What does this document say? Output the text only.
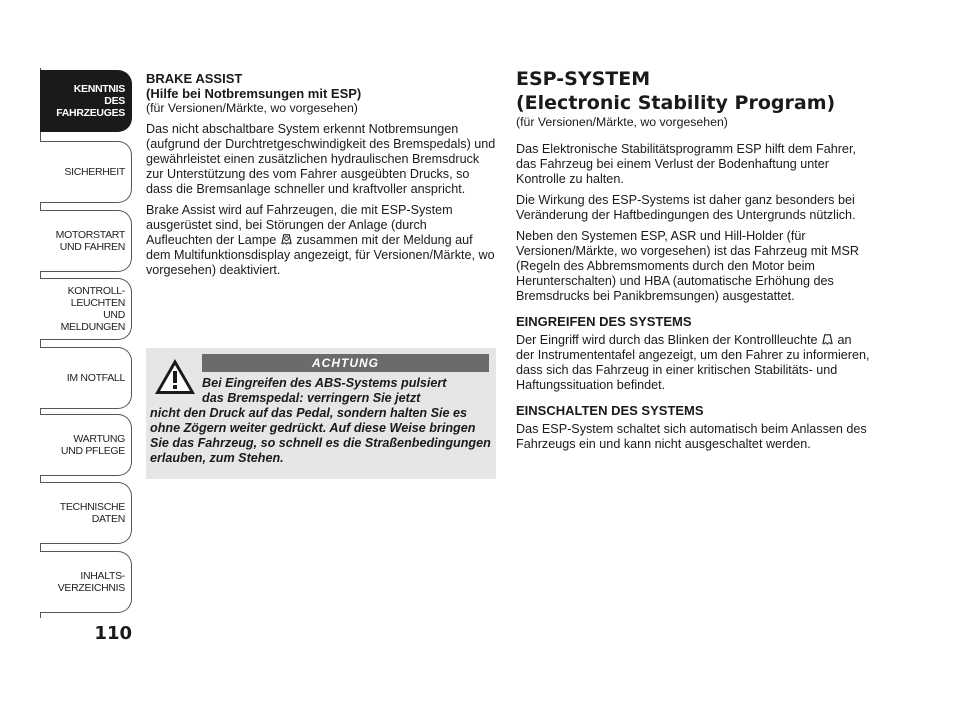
KENNTNIS
DES FAHRZEUGES
SICHERHEIT
MOTORSTART
UND FAHREN
KONTROLL-
LEUCHTEN
UND MELDUNGEN
IM NOTFALL
WARTUNG
UND PFLEGE
TECHNISCHE
DATEN
INHALTS-
VERZEICHNIS
110
BRAKE ASSIST
(Hilfe bei Notbremsungen mit ESP)

(für Versionen/Märkte, wo vorgesehen)

Das nicht abschaltbare System erkennt Notbremsungen (aufgrund der Durchtretgeschwindigkeit des Bremspedals) und gewährleistet einen zusätzlichen hydraulischen Bremsdruck zur Unterstützung des vom Fahrer ausgeübten Drucks, so dass die Bremsanlage schneller und kraftvoller anspricht.

Brake Assist wird auf Fahrzeugen, die mit ESP-System ausgerüstet sind, bei Störungen der Anlage (durch Aufleuchten der Lampe zusammen mit der Meldung auf dem Multifunktionsdisplay angezeigt, für Versionen/Märkte, wo vorgesehen) deaktiviert.

ACHTUNG
Bei Eingreifen des ABS-Systems pulsiert
das Bremspedal: verringern Sie jetzt
nicht den Druck auf das Pedal, sondern halten Sie es ohne Zögern weiter gedrückt. Auf diese Weise bringen Sie das Fahrzeug, so schnell es die Straßenbedingungen erlauben, zum Stehen.
ESP-SYSTEM
(Electronic Stability Program)

(für Versionen/Märkte, wo vorgesehen)

Das Elektronische Stabilitätsprogramm ESP hilft dem Fahrer, das Fahrzeug bei einem Verlust der Bodenhaftung unter Kontrolle zu halten.

Die Wirkung des ESP-Systems ist daher ganz besonders bei Veränderung der Haftbedingungen des Untergrunds nützlich.

Neben den Systemen ESP, ASR und Hill-Holder (für Versionen/Märkte, wo vorgesehen) ist das Fahrzeug mit MSR (Regeln des Abbremsmoments durch den Motor beim Herunterschalten) und HBA (automatische Erhöhung des Bremsdrucks bei Panikbremsungen) ausgestattet.

EINGREIFEN DES SYSTEMS

Der Eingriff wird durch das Blinken der Kontrollleuchte an der Instrumententafel angezeigt, um den Fahrer zu informieren, dass sich das Fahrzeug in einer kritischen Stabilitäts- und Haftungssituation befindet.

EINSCHALTEN DES SYSTEMS

Das ESP-System schaltet sich automatisch beim Anlassen des Fahrzeugs ein und kann nicht ausgeschaltet werden.
